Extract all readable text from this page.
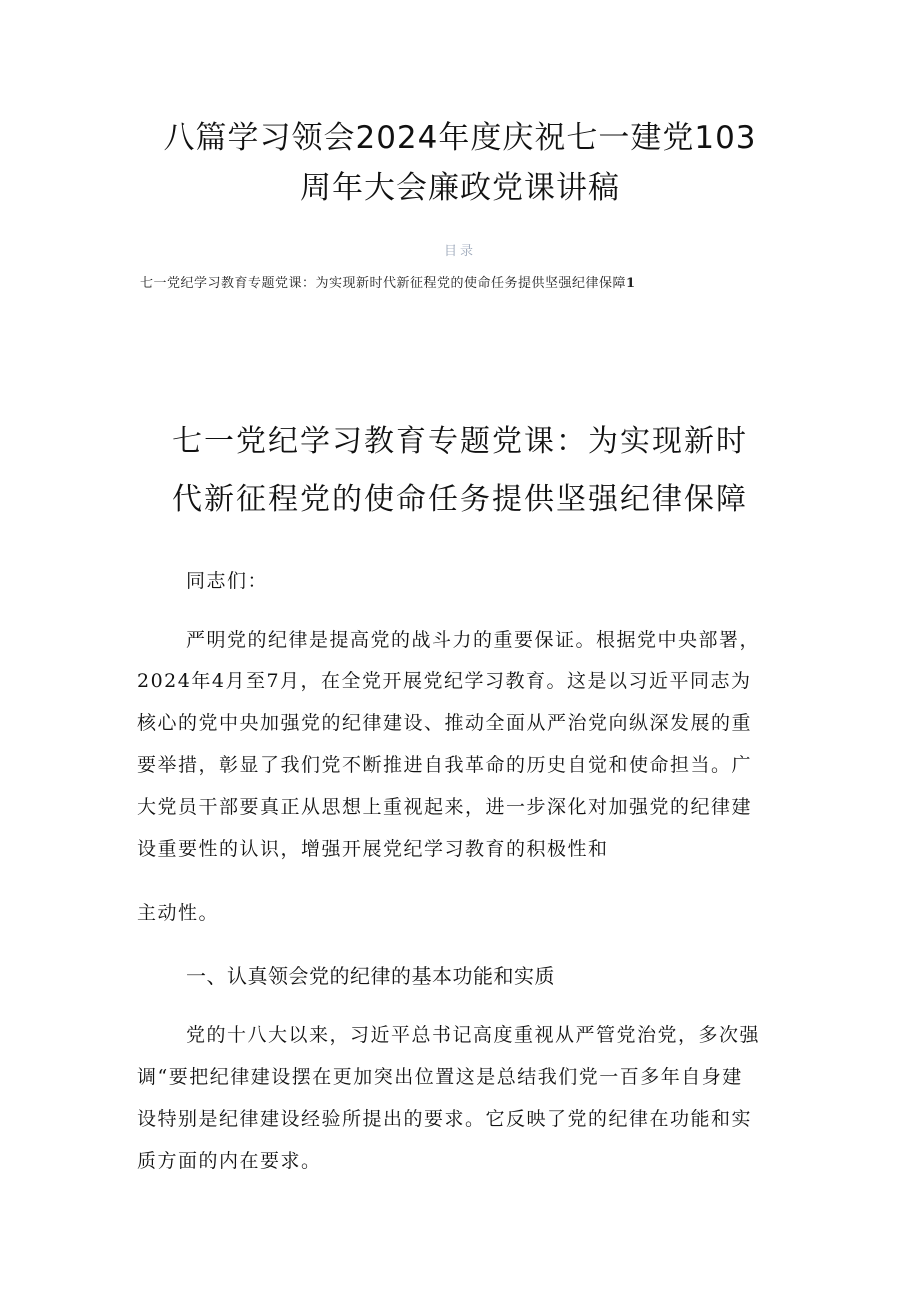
八篇学习领会2024年度庆祝七一建党103
周年大会廉政党课讲稿
目录
七一党纪学习教育专题党课：为实现新时代新征程党的使命任务提供坚强纪律保障1
七一党纪学习教育专题党课：为实现新时
代新征程党的使命任务提供坚强纪律保障

同志们：

严明党的纪律是提高党的战斗力的重要保证。根据党中央部署，

2024年4月至7月，在全党开展党纪学习教育。这是以习近平同志为

核心的党中央加强党的纪律建设、推动全面从严治党向纵深发展的重

要举措，彰显了我们党不断推进自我革命的历史自觉和使命担当。广

大党员干部要真正从思想上重视起来，进一步深化对加强党的纪律建

设重要性的认识，增强开展党纪学习教育的积极性和

主动性。

一、认真领会党的纪律的基本功能和实质

党的十八大以来，习近平总书记高度重视从严管党治党，多次强

调“要把纪律建设摆在更加突出位置这是总结我们党一百多年自身建

设特别是纪律建设经验所提出的要求。它反映了党的纪律在功能和实

质方面的内在要求。
